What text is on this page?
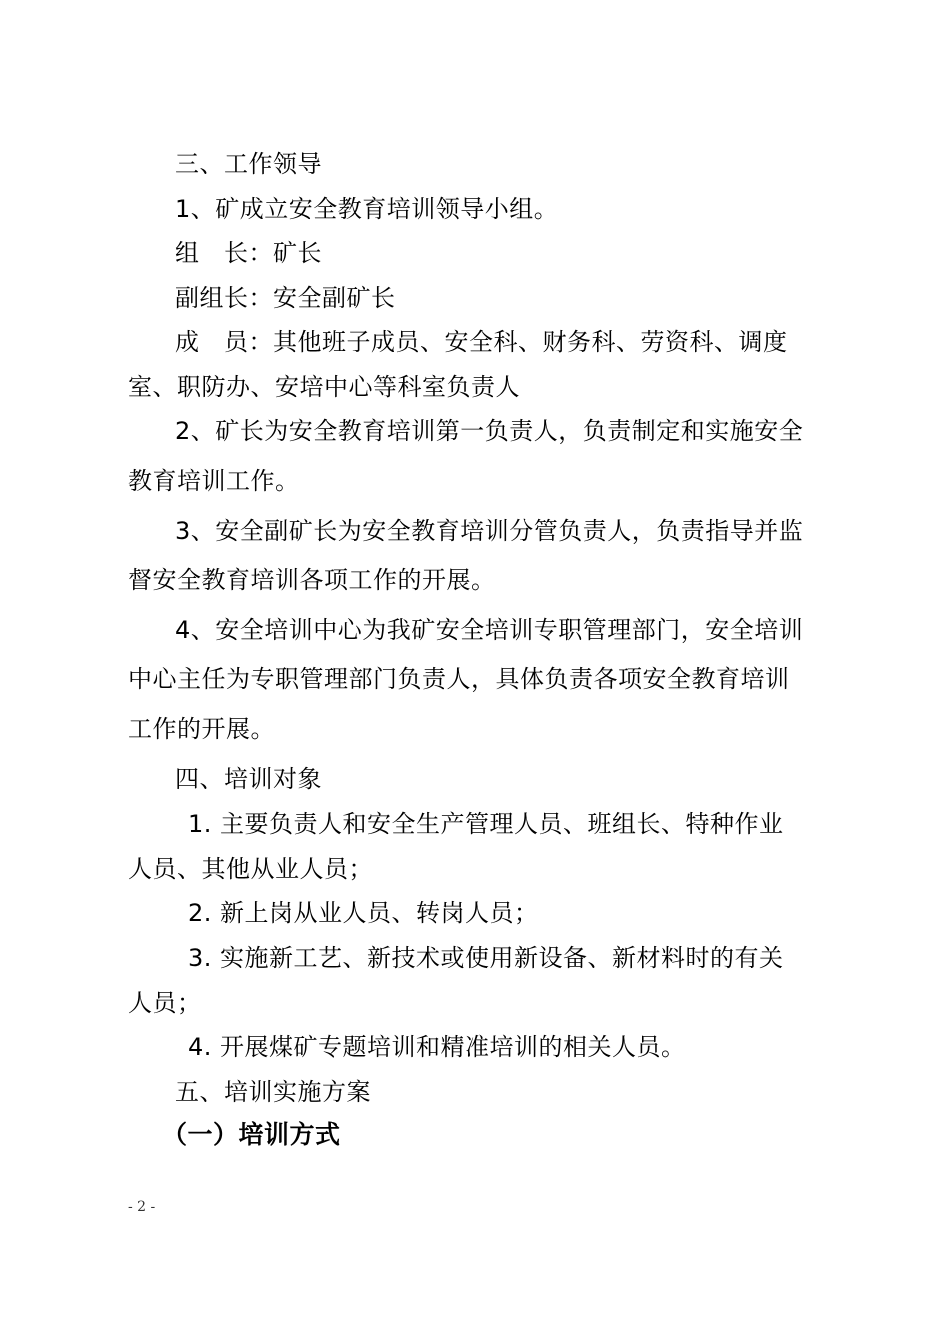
三、工作领导
1、矿成立安全教育培训领导小组。
组　长：矿长
副组长：安全副矿长
成　员：其他班子成员、安全科、财务科、劳资科、调度
室、职防办、安培中心等科室负责人
2、矿长为安全教育培训第一负责人，负责制定和实施安全
教育培训工作。
3、安全副矿长为安全教育培训分管负责人，负责指导并监
督安全教育培训各项工作的开展。
4、安全培训中心为我矿安全培训专职管理部门，安全培训
中心主任为专职管理部门负责人，具体负责各项安全教育培训
工作的开展。
四、培训对象
1. 主要负责人和安全生产管理人员、班组长、特种作业
人员、其他从业人员；
2. 新上岗从业人员、转岗人员；
3. 实施新工艺、新技术或使用新设备、新材料时的有关
人员；
4. 开展煤矿专题培训和精准培训的相关人员。
五、培训实施方案
（一）培训方式
- 2 -
